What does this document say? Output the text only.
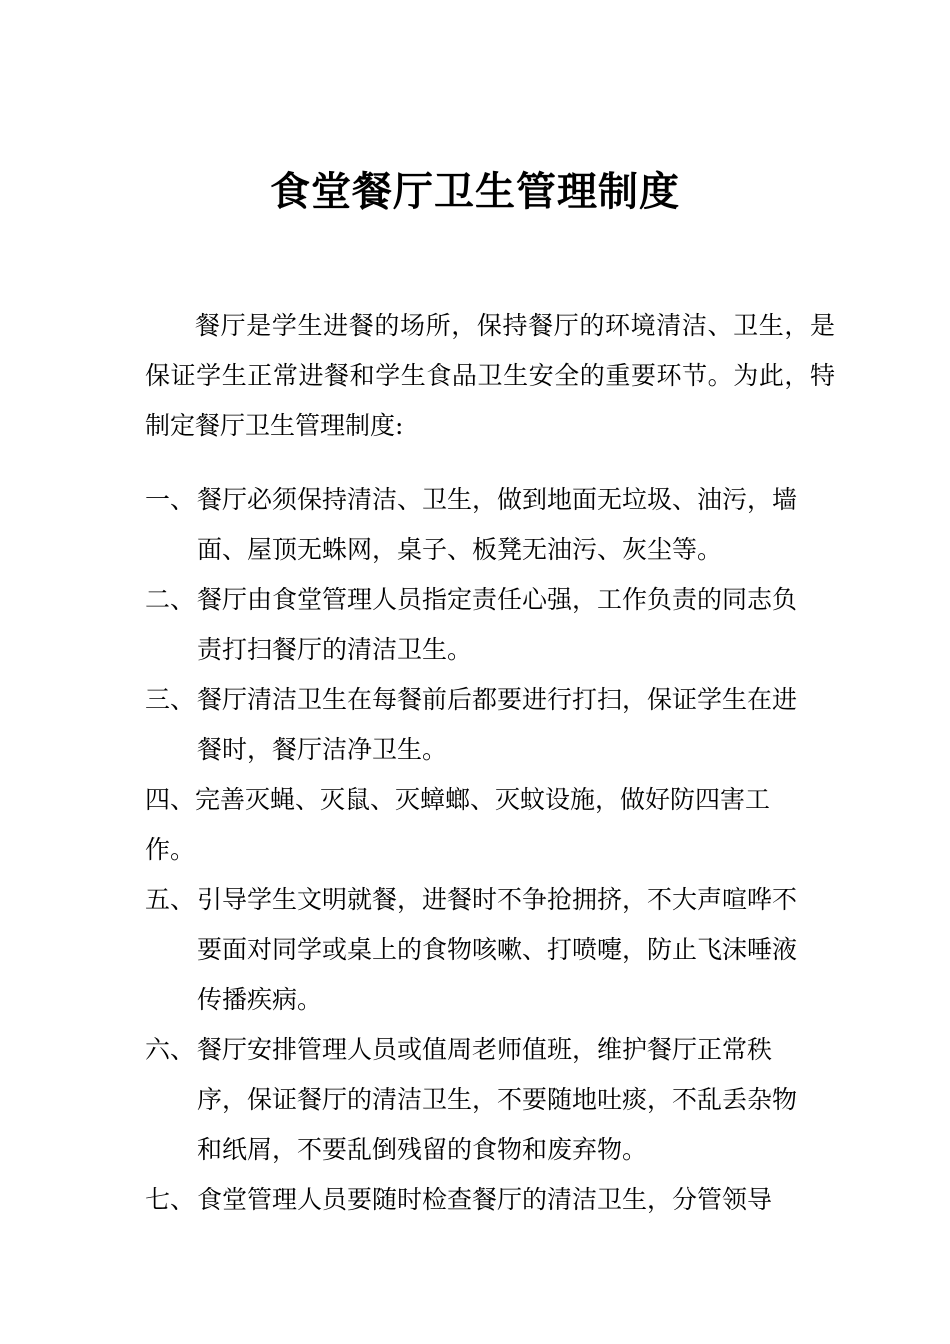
食堂餐厅卫生管理制度

餐厅是学生进餐的场所，保持餐厅的环境清洁、卫生，是保证学生正常进餐和学生食品卫生安全的重要环节。为此，特制定餐厅卫生管理制度:

一、 餐厅必须保持清洁、卫生，做到地面无垃圾、油污，墙面、屋顶无蛛网，桌子、板凳无油污、灰尘等。
二、 餐厅由食堂管理人员指定责任心强，工作负责的同志负责打扫餐厅的清洁卫生。
三、 餐厅清洁卫生在每餐前后都要进行打扫，保证学生在进餐时，餐厅洁净卫生。
四、完善灭蝇、灭鼠、灭蟑螂、灭蚊设施，做好防四害工作。
五、 引导学生文明就餐，进餐时不争抢拥挤，不大声喧哗不要面对同学或桌上的食物咳嗽、打喷嚏，防止飞沫唾液传播疾病。
六、 餐厅安排管理人员或值周老师值班，维护餐厅正常秩序，保证餐厅的清洁卫生，不要随地吐痰，不乱丢杂物和纸屑，不要乱倒残留的食物和废弃物。
七、 食堂管理人员要随时检查餐厅的清洁卫生，分管领导
